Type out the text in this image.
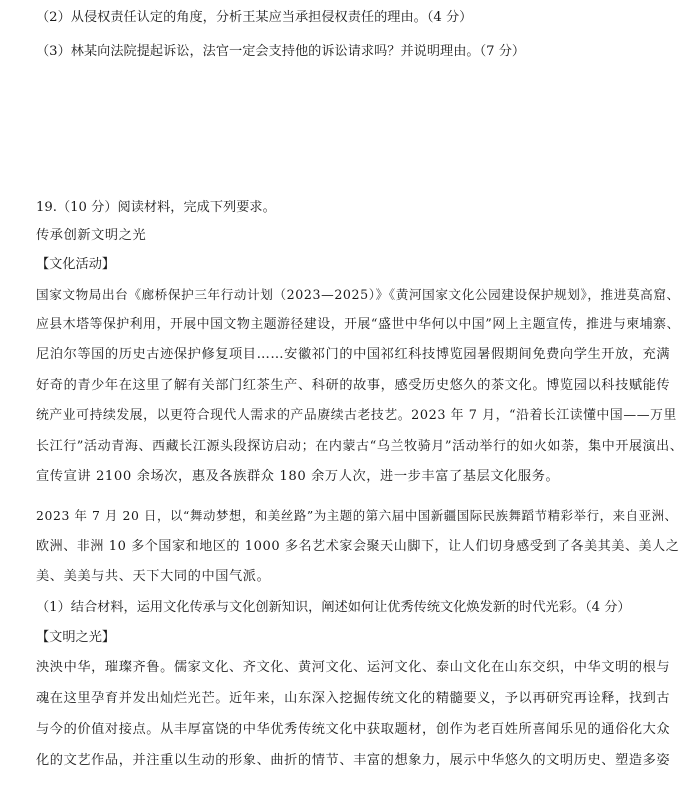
（2）从侵权责任认定的角度，分析王某应当承担侵权责任的理由。（4 分）
（3）林某向法院提起诉讼，法官一定会支持他的诉讼请求吗？并说明理由。（7 分）
19.（10 分）阅读材料，完成下列要求。
传承创新文明之光
【文化活动】
国家文物局出台《廊桥保护三年行动计划（2023—2025）》《黄河国家文化公园建设保护规划》，推进莫高窟、
应县木塔等保护利用，开展中国文物主题游径建设，开展“盛世中华何以中国”网上主题宣传，推进与柬埔寨、
尼泊尔等国的历史古迹保护修复项目……安徽祁门的中国祁红科技博览园暑假期间免费向学生开放，充满
好奇的青少年在这里了解有关部门红茶生产、科研的故事，感受历史悠久的茶文化。博览园以科技赋能传
统产业可持续发展，以更符合现代人需求的产品赓续古老技艺。2023 年 7 月，“沿着长江读懂中国——万里
长江行”活动青海、西藏长江源头段探访启动；在内蒙古“乌兰牧骑月”活动举行的如火如荼，集中开展演出、
宣传宣讲 2100 余场次，惠及各族群众 180 余万人次，进一步丰富了基层文化服务。
2023 年 7 月 20 日，以“舞动梦想，和美丝路”为主题的第六届中国新疆国际民族舞蹈节精彩举行，来自亚洲、
欧洲、非洲 10 多个国家和地区的 1000 多名艺术家会聚天山脚下，让人们切身感受到了各美其美、美人之
美、美美与共、天下大同的中国气派。
（1）结合材料，运用文化传承与文化创新知识，阐述如何让优秀传统文化焕发新的时代光彩。（4 分）
【文明之光】
泱泱中华，璀璨齐鲁。儒家文化、齐文化、黄河文化、运河文化、泰山文化在山东交织，中华文明的根与
魂在这里孕育并发出灿烂光芒。近年来，山东深入挖掘传统文化的精髓要义，予以再研究再诠释，找到古
与今的价值对接点。从丰厚富饶的中华优秀传统文化中获取题材，创作为老百姓所喜闻乐见的通俗化大众
化的文艺作品，并注重以生动的形象、曲折的情节、丰富的想象力，展示中华悠久的文明历史、塑造多姿
